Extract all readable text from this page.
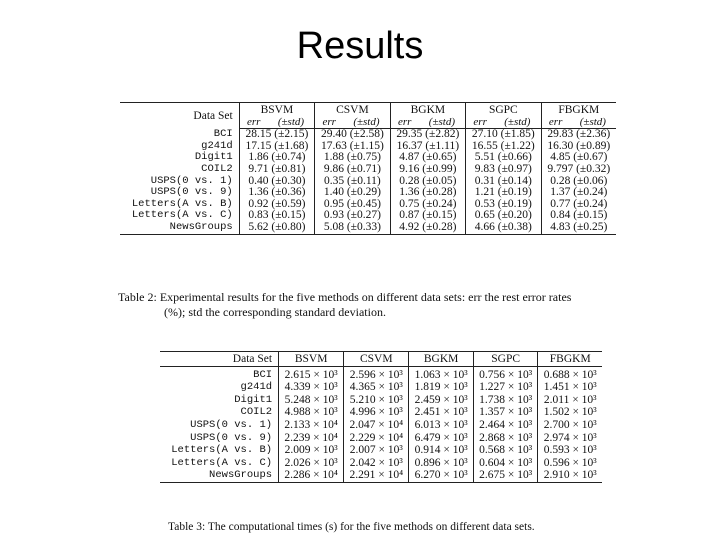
Results
Data Set	BSVM		CSVM		BGKM		SGPC		FBGKM	
	err	(±std)	err	(±std)	err	(±std)	err	(±std)	err	(±std)
BCI	28.15 (±2.15)		29.40 (±2.58)		29.35 (±2.82)		27.10 (±1.85)		29.83 (±2.36)	
g241d	17.15 (±1.68)		17.63 (±1.15)		16.37 (±1.11)		16.55 (±1.22)		16.30 (±0.89)	
Digit1	1.86 (±0.74)		1.88 (±0.75)		4.87 (±0.65)		5.51 (±0.66)		4.85 (±0.67)	
COIL2	9.71 (±0.81)		9.86 (±0.71)		9.16 (±0.99)		9.83 (±0.97)		9.797 (±0.32)	
USPS(0 vs. 1)	0.40 (±0.30)		0.35 (±0.11)		0.28 (±0.05)		0.31 (±0.14)		0.28 (±0.06)	
USPS(0 vs. 9)	1.36 (±0.36)		1.40 (±0.29)		1.36 (±0.28)		1.21 (±0.19)		1.37 (±0.24)	
Letters(A vs. B)	0.92 (±0.59)		0.95 (±0.45)		0.75 (±0.24)		0.53 (±0.19)		0.77 (±0.24)	
Letters(A vs. C)	0.83 (±0.15)		0.93 (±0.27)		0.87 (±0.15)		0.65 (±0.20)		0.84 (±0.15)	
NewsGroups	5.62 (±0.80)		5.08 (±0.33)		4.92 (±0.28)		4.66 (±0.38)		4.83 (±0.25)	
Table 2: Experimental results for the five methods on different data sets: err the rest error rates
(%); std the corresponding standard deviation.
Data Set	BSVM	CSVM	BGKM	SGPC	FBGKM
BCI	2.615 × 10³	2.596 × 10³	1.063 × 10³	0.756 × 10³	0.688 × 10³
g241d	4.339 × 10³	4.365 × 10³	1.819 × 10³	1.227 × 10³	1.451 × 10³
Digit1	5.248 × 10³	5.210 × 10³	2.459 × 10³	1.738 × 10³	2.011 × 10³
COIL2	4.988 × 10³	4.996 × 10³	2.451 × 10³	1.357 × 10³	1.502 × 10³
USPS(0 vs. 1)	2.133 × 10⁴	2.047 × 10⁴	6.013 × 10³	2.464 × 10³	2.700 × 10³
USPS(0 vs. 9)	2.239 × 10⁴	2.229 × 10⁴	6.479 × 10³	2.868 × 10³	2.974 × 10³
Letters(A vs. B)	2.009 × 10³	2.007 × 10³	0.914 × 10³	0.568 × 10³	0.593 × 10³
Letters(A vs. C)	2.026 × 10³	2.042 × 10³	0.896 × 10³	0.604 × 10³	0.596 × 10³
NewsGroups	2.286 × 10⁴	2.291 × 10⁴	6.270 × 10³	2.675 × 10³	2.910 × 10³
Table 3: The computational times (s) for the five methods on different data sets.
